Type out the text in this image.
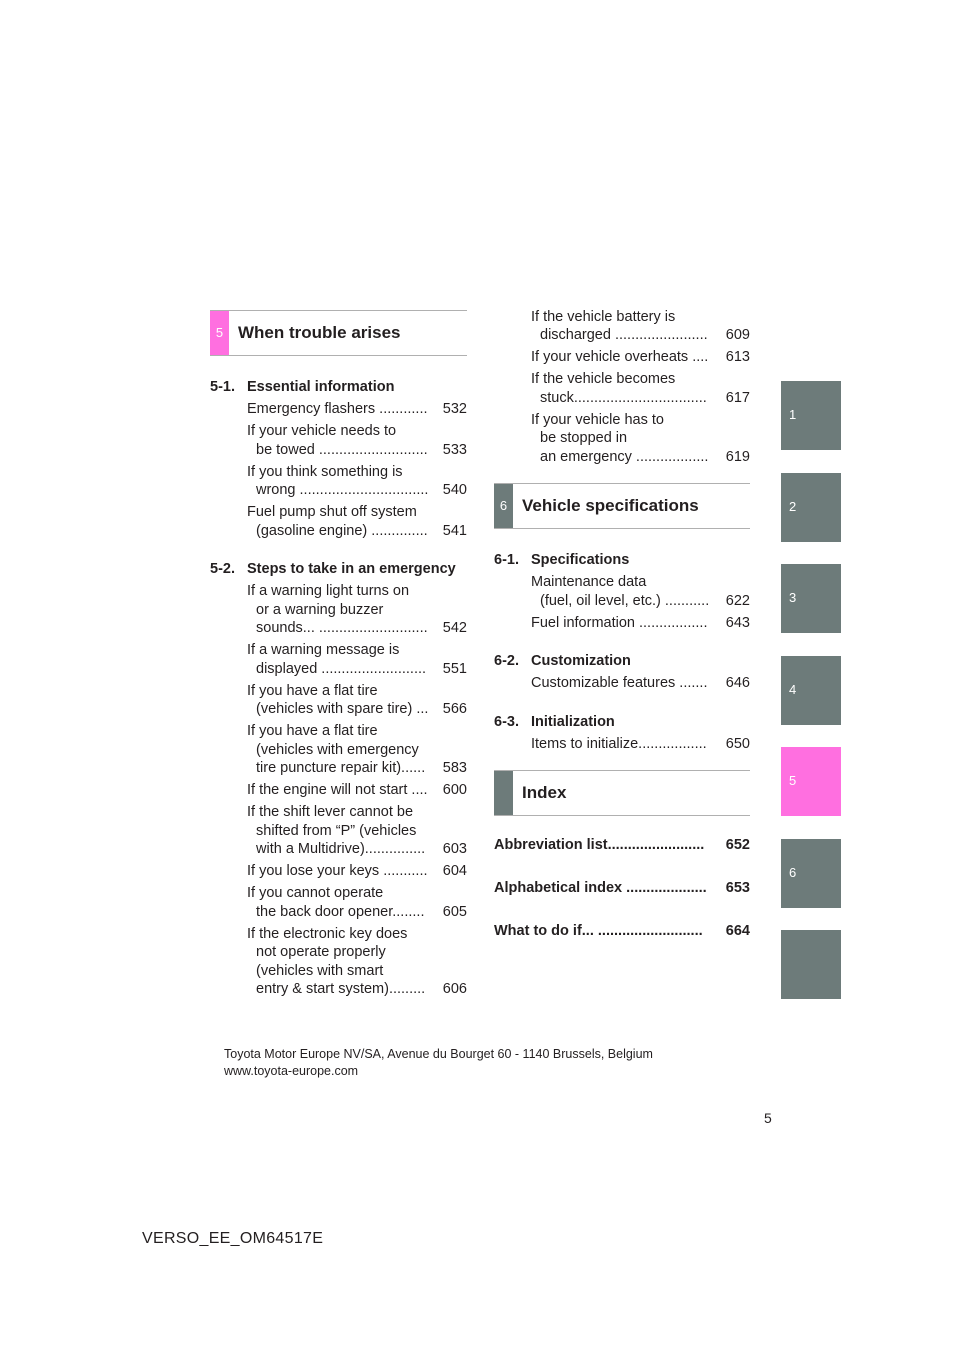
5 When trouble arises
5-1. Essential information
Emergency flashers ............	532
If your vehicle needs to
be towed ...........................	533
If you think something is
wrong ................................ 540
Fuel pump shut off system
(gasoline engine) ..............	541
5-2. Steps to take in an emergency
If a warning light turns on
or a warning buzzer
sounds... ...........................	542
If a warning message is
displayed ..........................	551
If you have a flat tire
(vehicles with spare tire) ... 566
If you have a flat tire
(vehicles with emergency
tire puncture repair kit)......	583
If the engine will not start ....	600
If the shift lever cannot be
shifted from “P” (vehicles
with a Multidrive)...............	603
If you lose your keys ...........	604
If you cannot operate
the back door opener........	605
If the electronic key does
not operate properly
(vehicles with smart
entry & start system).........	606
If the vehicle battery is
discharged .......................	609
If your vehicle overheats ....	613
If the vehicle becomes
stuck.................................	617
If your vehicle has to
be stopped in
an emergency ..................	619
6 Vehicle specifications
6-1. Specifications
Maintenance data
(fuel, oil level, etc.) ...........	622
Fuel information .................	643
6-2. Customization
Customizable features .......	646
6-3. Initialization
Items to initialize.................	650
Index
Abbreviation list........................	652
Alphabetical index ....................	653
What to do if... ..........................	664
1
2
3
4
5
6
Toyota Motor Europe NV/SA, Avenue du Bourget 60 - 1140 Brussels, Belgium
www.toyota-europe.com
5
VERSO_EE_OM64517E
